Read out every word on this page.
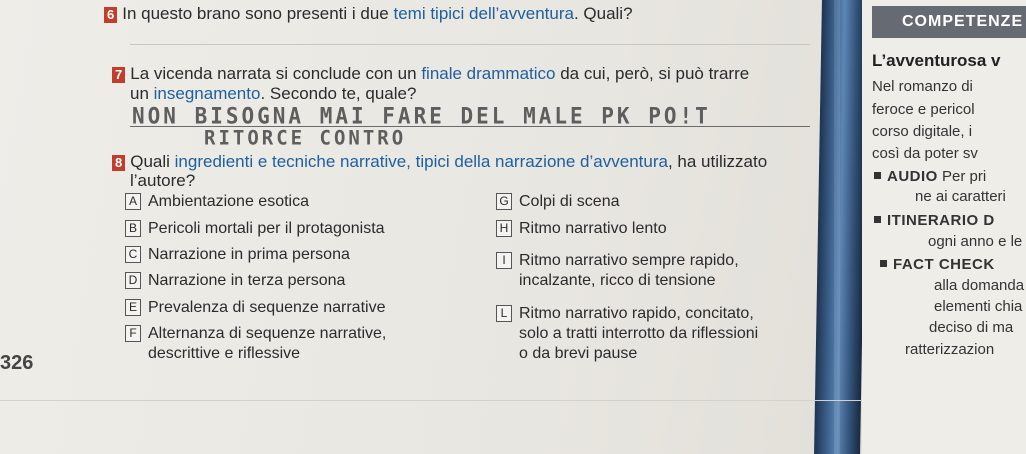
6 In questo brano sono presenti i due temi tipici dell’avventura. Quali?
7 La vicenda narrata si conclude con un finale drammatico da cui, però, si può trarre
un insegnamento. Secondo te, quale?
NON BISOGNA MAI FARE DEL MALE PK PO!T
RITORCE CONTRO
8 Quali ingredienti e tecniche narrative, tipici della narrazione d’avventura, ha utilizzato
l’autore?
A Ambientazione esotica
B Pericoli mortali per il protagonista
C Narrazione in prima persona
D Narrazione in terza persona
E Prevalenza di sequenze narrative
F Alternanza di sequenze narrative,
descrittive e riflessive
G Colpi di scena
H Ritmo narrativo lento
I Ritmo narrativo sempre rapido,
incalzante, ricco di tensione
L Ritmo narrativo rapido, concitato,
solo a tratti interrotto da riflessioni
o da brevi pause
326
COMPETENZE
L’avventurosa v
Nel romanzo di
feroce e pericol
corso digitale, i
così da poter sv
AUDIO Per pri
ne ai caratteri
ITINERARIO D
ogni anno e le
FACT CHECK
alla domanda
elementi chia
deciso di ma
ratterizzazion
